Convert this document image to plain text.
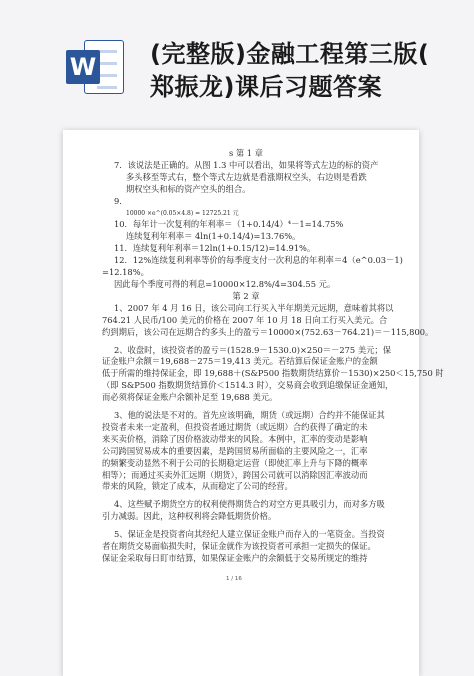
W (完整版)金融工程第三版(
郑振龙)课后习题答案

s 第 1 章

7．该说法是正确的。从图 1.3 中可以看出，如果将等式左边的标的资产

多头移至等式右，整个等式左边就是看涨期权空头，右边则是看跌

期权空头和标的资产空头的组合。

9．

10000 ×e^(0.05×4.8) = 12725.21 元

10．每年计一次复利的年利率＝（1+0.14/4）⁴－1=14.75%

连续复利年利率＝ 4ln(1+0.14/4)=13.76%。

11．连续复利年利率＝12ln(1+0.15/12)=14.91%。

12．12%连续复利利率等价的每季度支付一次利息的年利率＝4（e^0.03－1)

=12.18%。

因此每个季度可得的利息=10000×12.8%/4=304.55 元。

第 2 章

1、2007 年 4 月 16 日，该公司向工行买入半年期美元远期，意味着其将以

764.21 人民币/100 美元的价格在 2007 年 10 月 18 日向工行买入美元。合

约到期后，该公司在远期合约多头上的盈亏＝10000×(752.63－764.21)＝－115,800。

2、收盘时，该投资者的盈亏＝(1528.9－1530.0)×250＝－275 美元；保

证金账户余额＝19,688－275＝19,413 美元。若结算后保证金账户的金额

低于所需的维持保证金，即 19,688＋(S&P500 指数期货结算价－1530)×250＜15,750 时

（即 S&P500 指数期货结算价＜1514.3 时），交易商会收到追缴保证金通知，

而必须将保证金账户余额补足至 19,688 美元。

3、他的说法是不对的。首先应该明确，期货（或远期）合约并不能保证其

投资者未来一定盈利，但投资者通过期货（或远期）合约获得了确定的未

来买卖价格，消除了因价格波动带来的风险。本例中，汇率的变动是影响

公司跨国贸易成本的重要因素，是跨国贸易所面临的主要风险之一，汇率

的频繁变动显然不利于公司的长期稳定运营（即使汇率上升与下降的概率

相等）；而通过买卖外汇远期（期货），跨国公司就可以消除因汇率波动而

带来的风险，锁定了成本，从而稳定了公司的经营。

4、这些赋予期货空方的权利使得期货合约对空方更具吸引力，而对多方吸

引力减弱。因此，这种权利将会降低期货价格。

5、保证金是投资者向其经纪人建立保证金账户而存入的一笔资金。当投资

者在期货交易面临损失时，保证金就作为该投资者可承担一定损失的保证。

保证金采取每日盯市结算，如果保证金账户的余额低于交易所规定的维持

1 / 16
